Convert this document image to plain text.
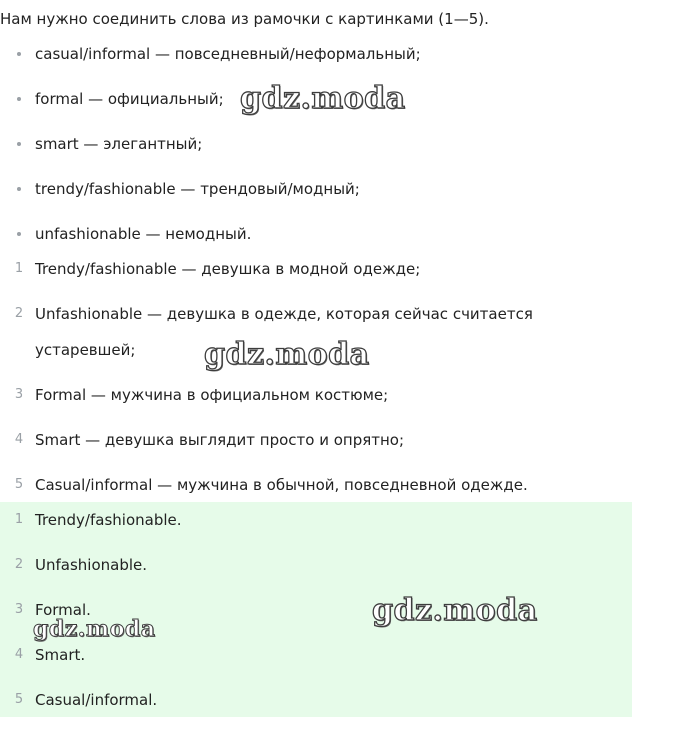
Нам нужно соединить слова из рамочки с картинками (1—5).

casual/informal — повседневный/неформальный;
formal — официальный;
smart — элегантный;
trendy/fashionable — трендовый/модный;
unfashionable — немодный.
1 Trendy/fashionable — девушка в модной одежде;
2 Unfashionable — девушка в одежде, которая сейчас считается устаревшей;
3 Formal — мужчина в официальном костюме;
4 Smart — девушка выглядит просто и опрятно;
5 Casual/informal — мужчина в обычной, повседневной одежде.
1 Trendy/fashionable.
2 Unfashionable.
3 Formal.
4 Smart.
5 Casual/informal.
gdz.moda
gdz.moda
gdz.moda
gdz.moda
